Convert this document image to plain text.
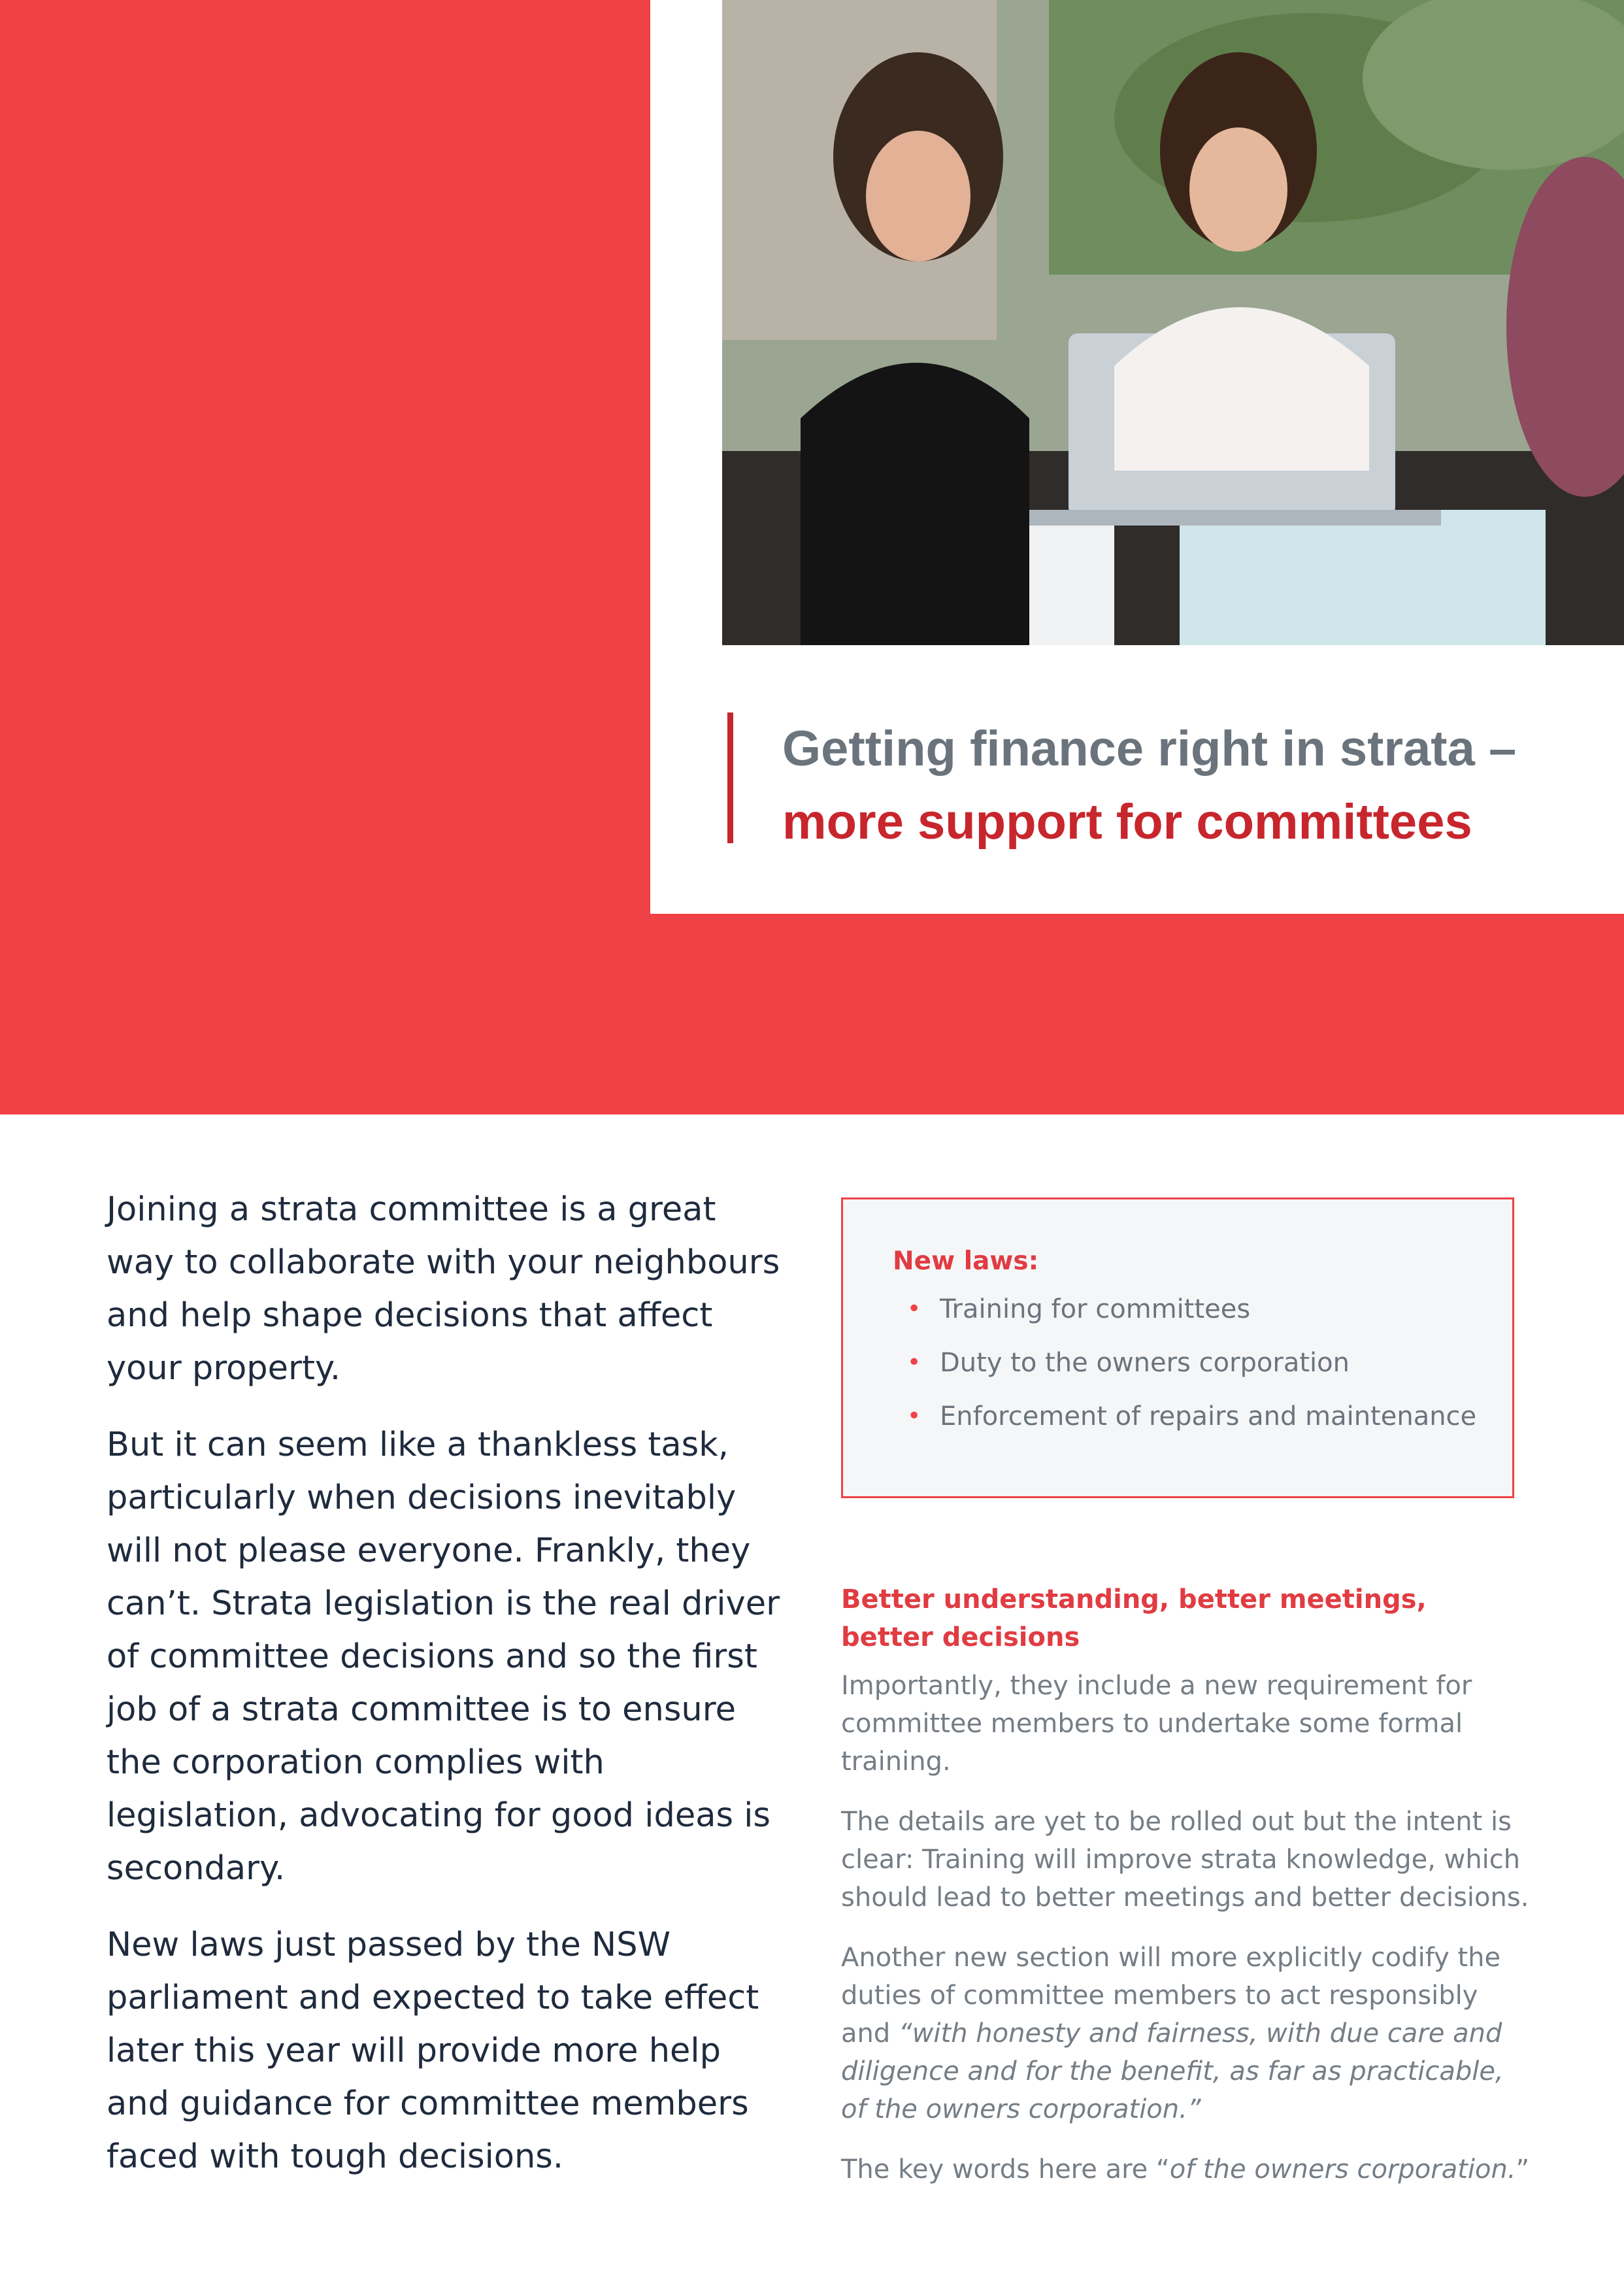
Getting finance right in strata –
more support for committees

Joining a strata committee is a great way to collaborate with your neighbours and help shape decisions that affect your property.

But it can seem like a thankless task, particularly when decisions inevitably will not please everyone. Frankly, they can’t. Strata legislation is the real driver of committee decisions and so the first job of a strata committee is to ensure the corporation complies with legislation, advocating for good ideas is secondary.

New laws just passed by the NSW parliament and expected to take effect later this year will provide more help and guidance for committee members faced with tough decisions.

New laws:
• Training for committees
• Duty to the owners corporation
• Enforcement of repairs and maintenance
Better understanding, better meetings,
better decisions

Importantly, they include a new requirement for committee members to undertake some formal training.

The details are yet to be rolled out but the intent is clear: Training will improve strata knowledge, which should lead to better meetings and better decisions.

Another new section will more explicitly codify the duties of committee members to act responsibly and “with honesty and fairness, with due care and diligence and for the benefit, as far as practicable, of the owners corporation.”

The key words here are “of the owners corporation.”
